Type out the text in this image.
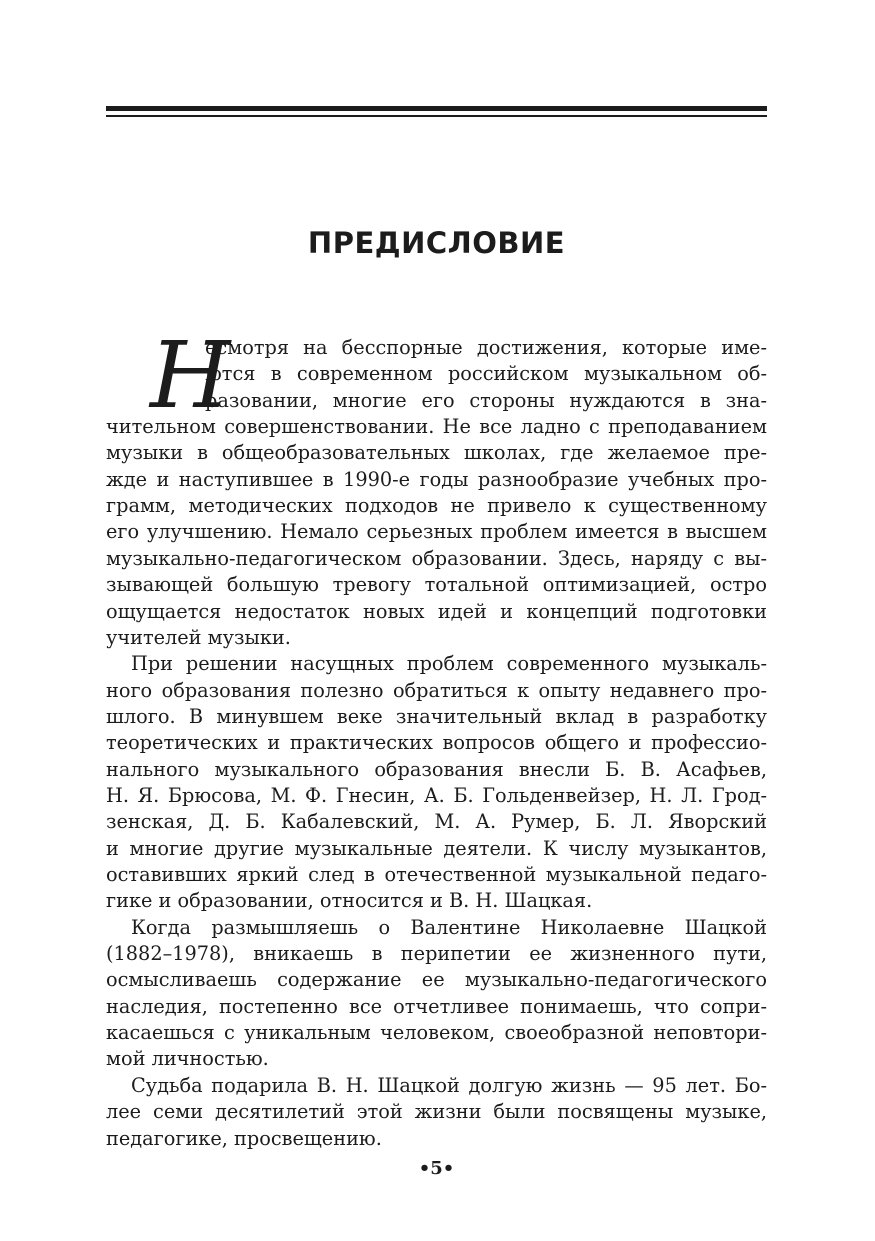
ПРЕДИСЛОВИЕ
Н
есмотря на бесспорные достижения, которые име-
ются в современном российском музыкальном об-
разовании, многие его стороны нуждаются в зна-
чительном совершенствовании. Не все ладно с преподаванием
музыки в общеобразовательных школах, где желаемое пре-
жде и наступившее в 1990-е годы разнообразие учебных про-
грамм, методических подходов не привело к существенному
его улучшению. Немало серьезных проблем имеется в высшем
музыкально-педагогическом образовании. Здесь, наряду с вы-
зывающей большую тревогу тотальной оптимизацией, остро
ощущается недостаток новых идей и концепций подготовки
учителей музыки.
При решении насущных проблем современного музыкаль-
ного образования полезно обратиться к опыту недавнего про-
шлого. В минувшем веке значительный вклад в разработку
теоретических и практических вопросов общего и профессио-
нального музыкального образования внесли Б. В. Асафьев,
Н. Я. Брюсова, М. Ф. Гнесин, А. Б. Гольденвейзер, Н. Л. Грод-
зенская, Д. Б. Кабалевский, М. А. Румер, Б. Л. Яворский
и многие другие музыкальные деятели. К числу музыкантов,
оставивших яркий след в отечественной музыкальной педаго-
гике и образовании, относится и В. Н. Шацкая.
Когда размышляешь о Валентине Николаевне Шацкой
(1882–1978), вникаешь в перипетии ее жизненного пути,
осмысливаешь содержание ее музыкально-педагогического
наследия, постепенно все отчетливее понимаешь, что сопри-
касаешься с уникальным человеком, своеобразной неповтори-
мой личностью.
Судьба подарила В. Н. Шацкой долгую жизнь — 95 лет. Бо-
лее семи десятилетий этой жизни были посвящены музыке,
педагогике, просвещению.
•5•
